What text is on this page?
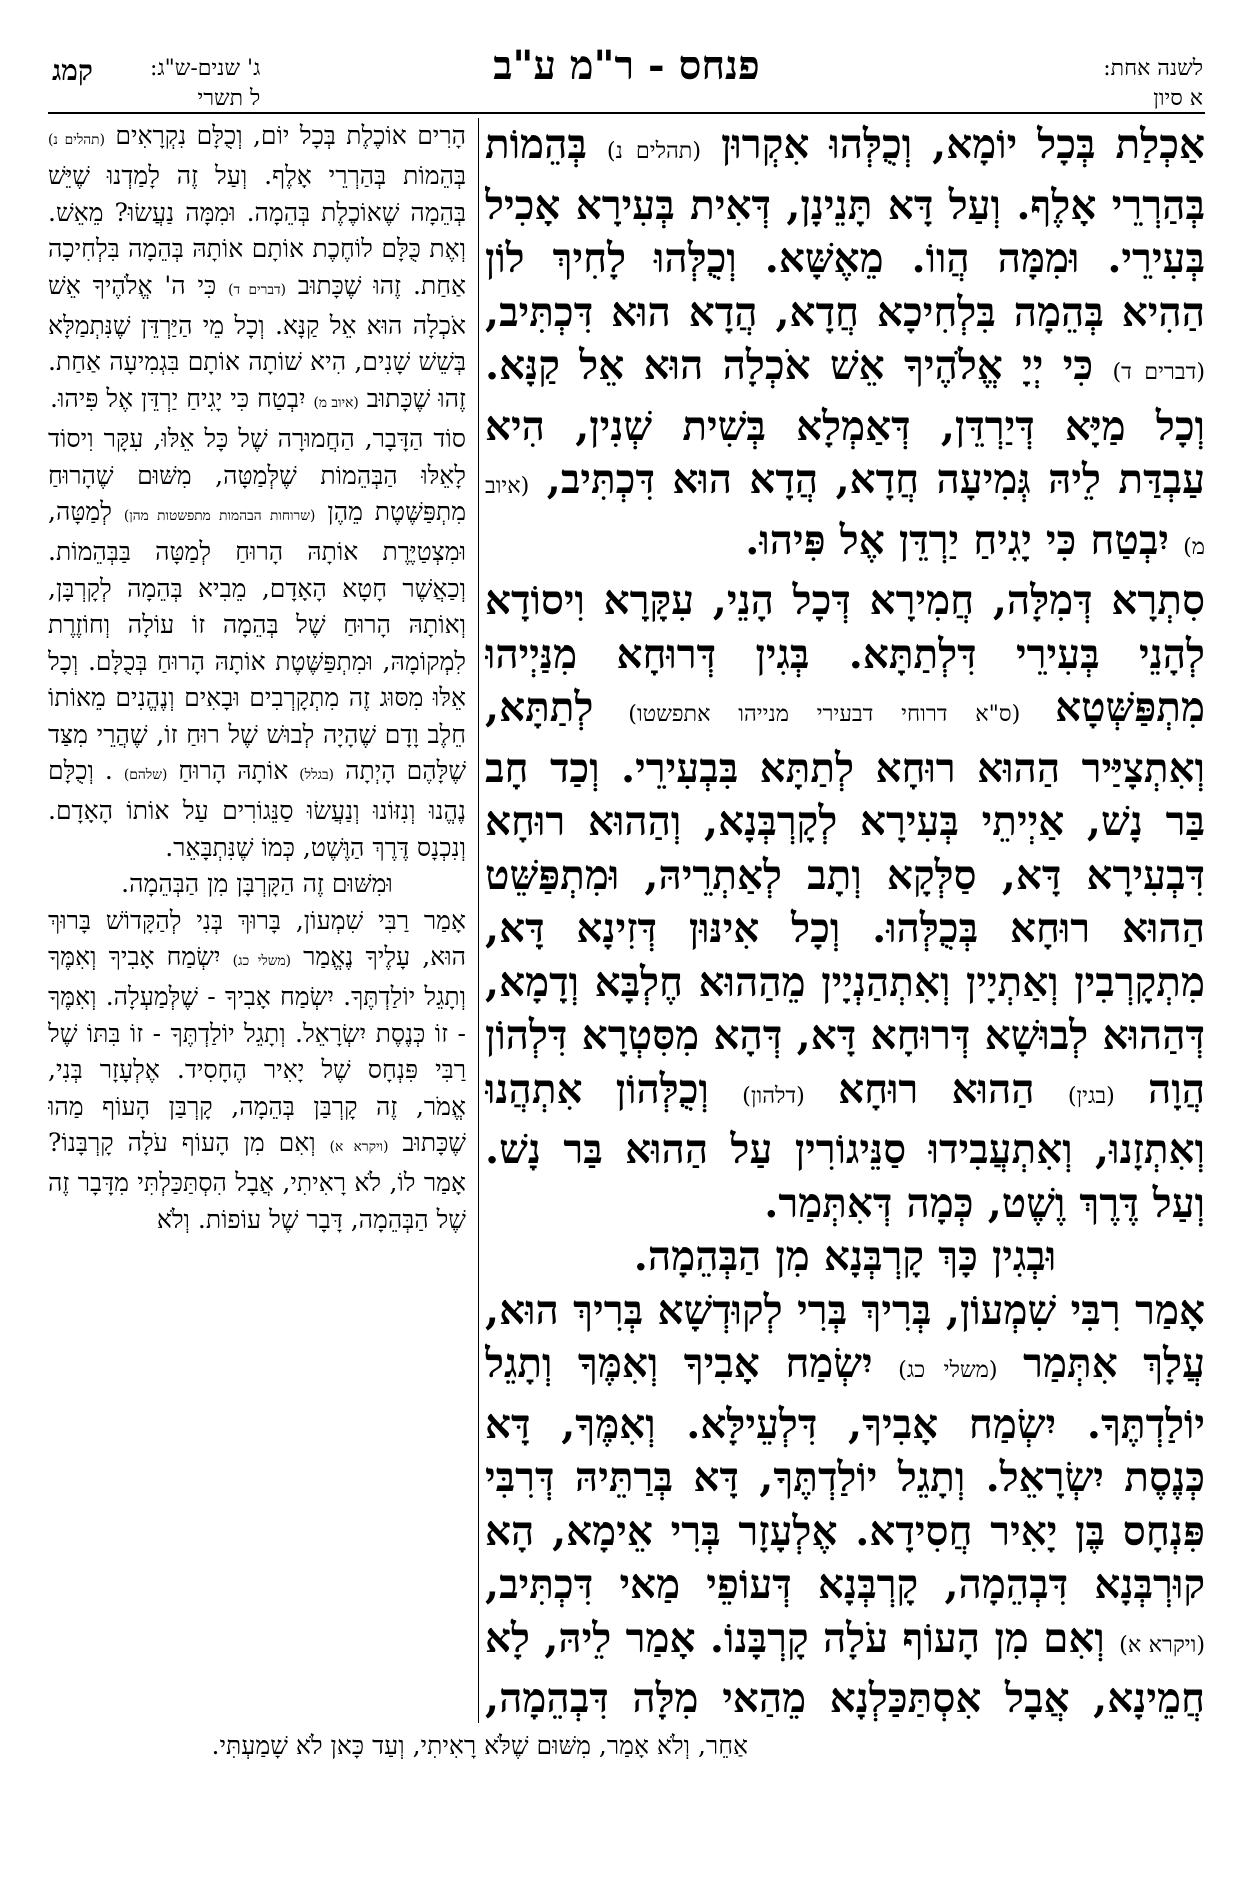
לשנה אחת:
א סיון
פנחס - ר"מ ע"ב
ג' שנים-ש"ג:
ל תשרי
קמג

אַכְלַת בְּכָל יוֹמָא, וְכֻלְּהוּ אִקְרוּן (תהלים נ) בְּהֵמוֹת בְּהַרְרֵי אָלֶף. וְעַל דָּא תָּנֵינָן, דְּאִית בְּעִירָא אָכִיל בְּעִירֵי. וּמִמָּה הֲווֹ. מֵאֶשָּׁא. וְכֻלְּהוּ לָחִיךְ לוֹן הַהִיא בְּהֵמָה בִּלְחִיכָא חֲדָא, הֲדָא הוּא דִּכְתִּיב, (דברים ד) כִּי יְיָ אֱלֹהֶיךָ אֵשׁ אֹכְלָה הוּא אֵל קַנָּא. וְכָל מַיָּא דְּיַרְדֵּן, דְּאַמְלָא בְּשִׁית שְׁנִין, הִיא עַבְדַּת לֵיהּ גְּמִיעָה חֲדָא, הֲדָא הוּא דִּכְתִּיב, (איוב מ) יִבְטַח כִּי יָגִיחַ יַרְדֵּן אֶל פִּיהוּ.

סִתְרָא דְּמִלָּה, חֲמִירָא דְּכָל הָנֵי, עִקָּרָא וִיסוֹדָא לְהָנֵי בְּעִירֵי דִּלְתַתָּא. בְּגִין דְּרוּחָא מִנַּיְיהוּ מִתְפַּשְּׁטָא (ס"א דרוחי דבעירי מנייהו אתפשטו) לְתַתָּא, וְאִתְצָיַּיר הַהוּא רוּחָא לְתַתָּא בִּבְעִירֵי. וְכַד חָב בַּר נָשׁ, אַיְיתֵי בְּעִירָא לְקָרְבְּנָא, וְהַהוּא רוּחָא דִּבְעִירָא דָּא, סַלְּקָא וְתָב לְאַתְרֵיהּ, וּמִתְפַּשֵּׁט הַהוּא רוּחָא בְּכֻלְּהוּ. וְכָל אִינּוּן דְּזִינָא דָּא, מִתְקָרְבִין וְאַתְיָין וְאִתְהַנְיָין מֵהַהוּא חֶלְבָּא וְדָמָא, דְּהַהוּא לְבוּשָׁא דְּרוּחָא דָּא, דְּהָא מִסִּטְרָא דִּלְהוֹן הֲוָה (בגין) הַהוּא רוּחָא (דלהון) וְכֻלְּהוֹן אִתְהֲנוּ וְאִתְזָנוּ, וְאִתְעֲבִידוּ סַנֵּיגוֹרִין עַל הַהוּא בַּר נָשׁ. וְעַל דֶּרֶךְ וֶשֶׁט, כְּמָה דְּאִתְּמַר.

וּבְגִין כָּךְ קָרְבְּנָא מִן הַבְּהֵמָה.

אָמַר רִבִּי שִׁמְעוֹן, בְּרִיךְ בְּרִי לְקוּדְשָׁא בְּרִיךְ הוּא, עֲלָךְ אִתְּמַר (משלי כג) יִשְׂמַח אָבִיךָ וְאִמֶּךָ וְתָגֵל יוֹלַדְתֶּךָ. יִשְׂמַח אָבִיךָ, דִּלְעֵילָּא. וְאִמֶּךָ, דָּא כְּנֶסֶת יִשְׂרָאֵל. וְתָגֵל יוֹלַדְתֶּךָ, דָּא בְּרַתֵּיהּ דְּרִבִּי פִּנְחָס בֶּן יָאִיר חֲסִידָא. אֶלְעָזָר בְּרִי אֵימָא, הָא קוּרְבְּנָא דִּבְהֵמָה, קָרְבְּנָא דְּעוֹפֵי מַאי דִּכְתִּיב, (ויקרא א) וְאִם מִן הָעוֹף עֹלָה קָרְבָּנוֹ. אָמַר לֵיהּ, לָא חֲמֵינָא, אֲבָל אִסְתַּכַּלְנָא מֵהַאי מִלָּה דִּבְהֵמָה,

הָרִים אוֹכֶלֶת בְּכָל יוֹם, וְכֻלָּם נִקְרָאִים (תהלים נ) בְּהֵמוֹת בְּהַרְרֵי אָלֶף. וְעַל זֶה לָמַדְנוּ שֶׁיֵּשׁ בְּהֵמָה שֶׁאוֹכֶלֶת בְּהֵמָה. וּמִמָּה נַעֲשׂוּ? מֵאֵשׁ. וְאֶת כֻּלָּם לוֹחֶכֶת אוֹתָם אוֹתָהּ בְּהֵמָה בִּלְחִיכָה אַחַת. זֶהוּ שֶׁכָּתוּב (דברים ד) כִּי ה' אֱלֹהֶיךָ אֵשׁ אֹכְלָה הוּא אֵל קַנָּא. וְכָל מֵי הַיַּרְדֵּן שֶׁנִּתְמַלָּא בְּשֵׁשׁ שָׁנִים, הִיא שׁוֹתָה אוֹתָם בִּגְמִיעָה אַחַת. זֶהוּ שֶׁכָּתוּב (איוב מ) יִבְטַח כִּי יָגִיחַ יַרְדֵּן אֶל פִּיהוּ.

סוֹד הַדָּבָר, הַחֲמוּרָה שֶׁל כָּל אֵלּוּ, עִקָּר וִיסוֹד לָאֵלּוּ הַבְּהֵמוֹת שֶׁלְּמַטָּה, מִשּׁוּם שֶׁהָרוּחַ מִתְפַּשֶּׁטֶת מֵהֶן (שרוחות הבהמות מתפשטות מהן) לְמַטָּה, וּמִצְטַיֶּרֶת אוֹתָהּ הָרוּחַ לְמַטָּה בַּבְּהֵמוֹת. וְכַאֲשֶׁר חָטָא הָאָדָם, מֵבִיא בְּהֵמָה לְקָרְבָּן, וְאוֹתָהּ הָרוּחַ שֶׁל בְּהֵמָה זוֹ עוֹלָה וְחוֹזֶרֶת לִמְקוֹמָהּ, וּמִתְפַּשֶּׁטֶת אוֹתָהּ הָרוּחַ בְּכֻלָּם. וְכָל אֵלּוּ מִסּוּג זֶה מִתְקָרְבִים וּבָאִים וְנֶהֱנִים מֵאוֹתוֹ חֵלֶב וָדָם שֶׁהָיָה לְבוּשׁ שֶׁל רוּחַ זוֹ, שֶׁהֲרֵי מִצַּד שֶׁלָּהֶם הָיְתָה (בגלל) אוֹתָהּ הָרוּחַ (שלהם) . וְכֻלָּם נֶהֱנוּ וְנִזּוֹנוּ וְנַעֲשׂוּ סַנֵּגוֹרִים עַל אוֹתוֹ הָאָדָם. וְנִכְנָס דֶּרֶךְ הַוֶּשֶׁט, כְּמוֹ שֶׁנִּתְבָּאֵר.

וּמִשּׁוּם זֶה הַקָּרְבָּן מִן הַבְּהֵמָה.

אָמַר רַבִּי שִׁמְעוֹן, בָּרוּךְ בְּנִי לְהַקָּדוֹשׁ בָּרוּךְ הוּא, עָלֶיךָ נֶאֱמַר (משלי כג) יִשְׂמַח אָבִיךָ וְאִמֶּךָ וְתָגֵל יוֹלַדְתֶּךָ. יִשְׂמַח אָבִיךָ - שֶׁלְּמַעְלָה. וְאִמֶּךָ - זוֹ כְּנֶסֶת יִשְׂרָאֵל. וְתָגֵל יוֹלַדְתֶּךָ - זוֹ בִּתּוֹ שֶׁל רַבִּי פִּנְחָס שֶׁל יָאִיר הֶחָסִיד. אֶלְעָזָר בְּנִי, אֱמֹר, זֶה קָרְבַּן בְּהֵמָה, קָרְבַּן הָעוֹף מַהוּ שֶׁכָּתוּב (ויקרא א) וְאִם מִן הָעוֹף עֹלָה קָרְבָּנוֹ? אָמַר לוֹ, לֹא רָאִיתִי, אֲבָל הִסְתַּכַּלְתִּי מִדָּבָר זֶה שֶׁל הַבְּהֵמָה, דָּבָר שֶׁל עוֹפוֹת. וְלֹא

אַחֵר, וְלֹא אָמַר, מִשּׁוּם שֶׁלֹּא רָאִיתִי, וְעַד כָּאן לֹא שָׁמַעְתִּי.
